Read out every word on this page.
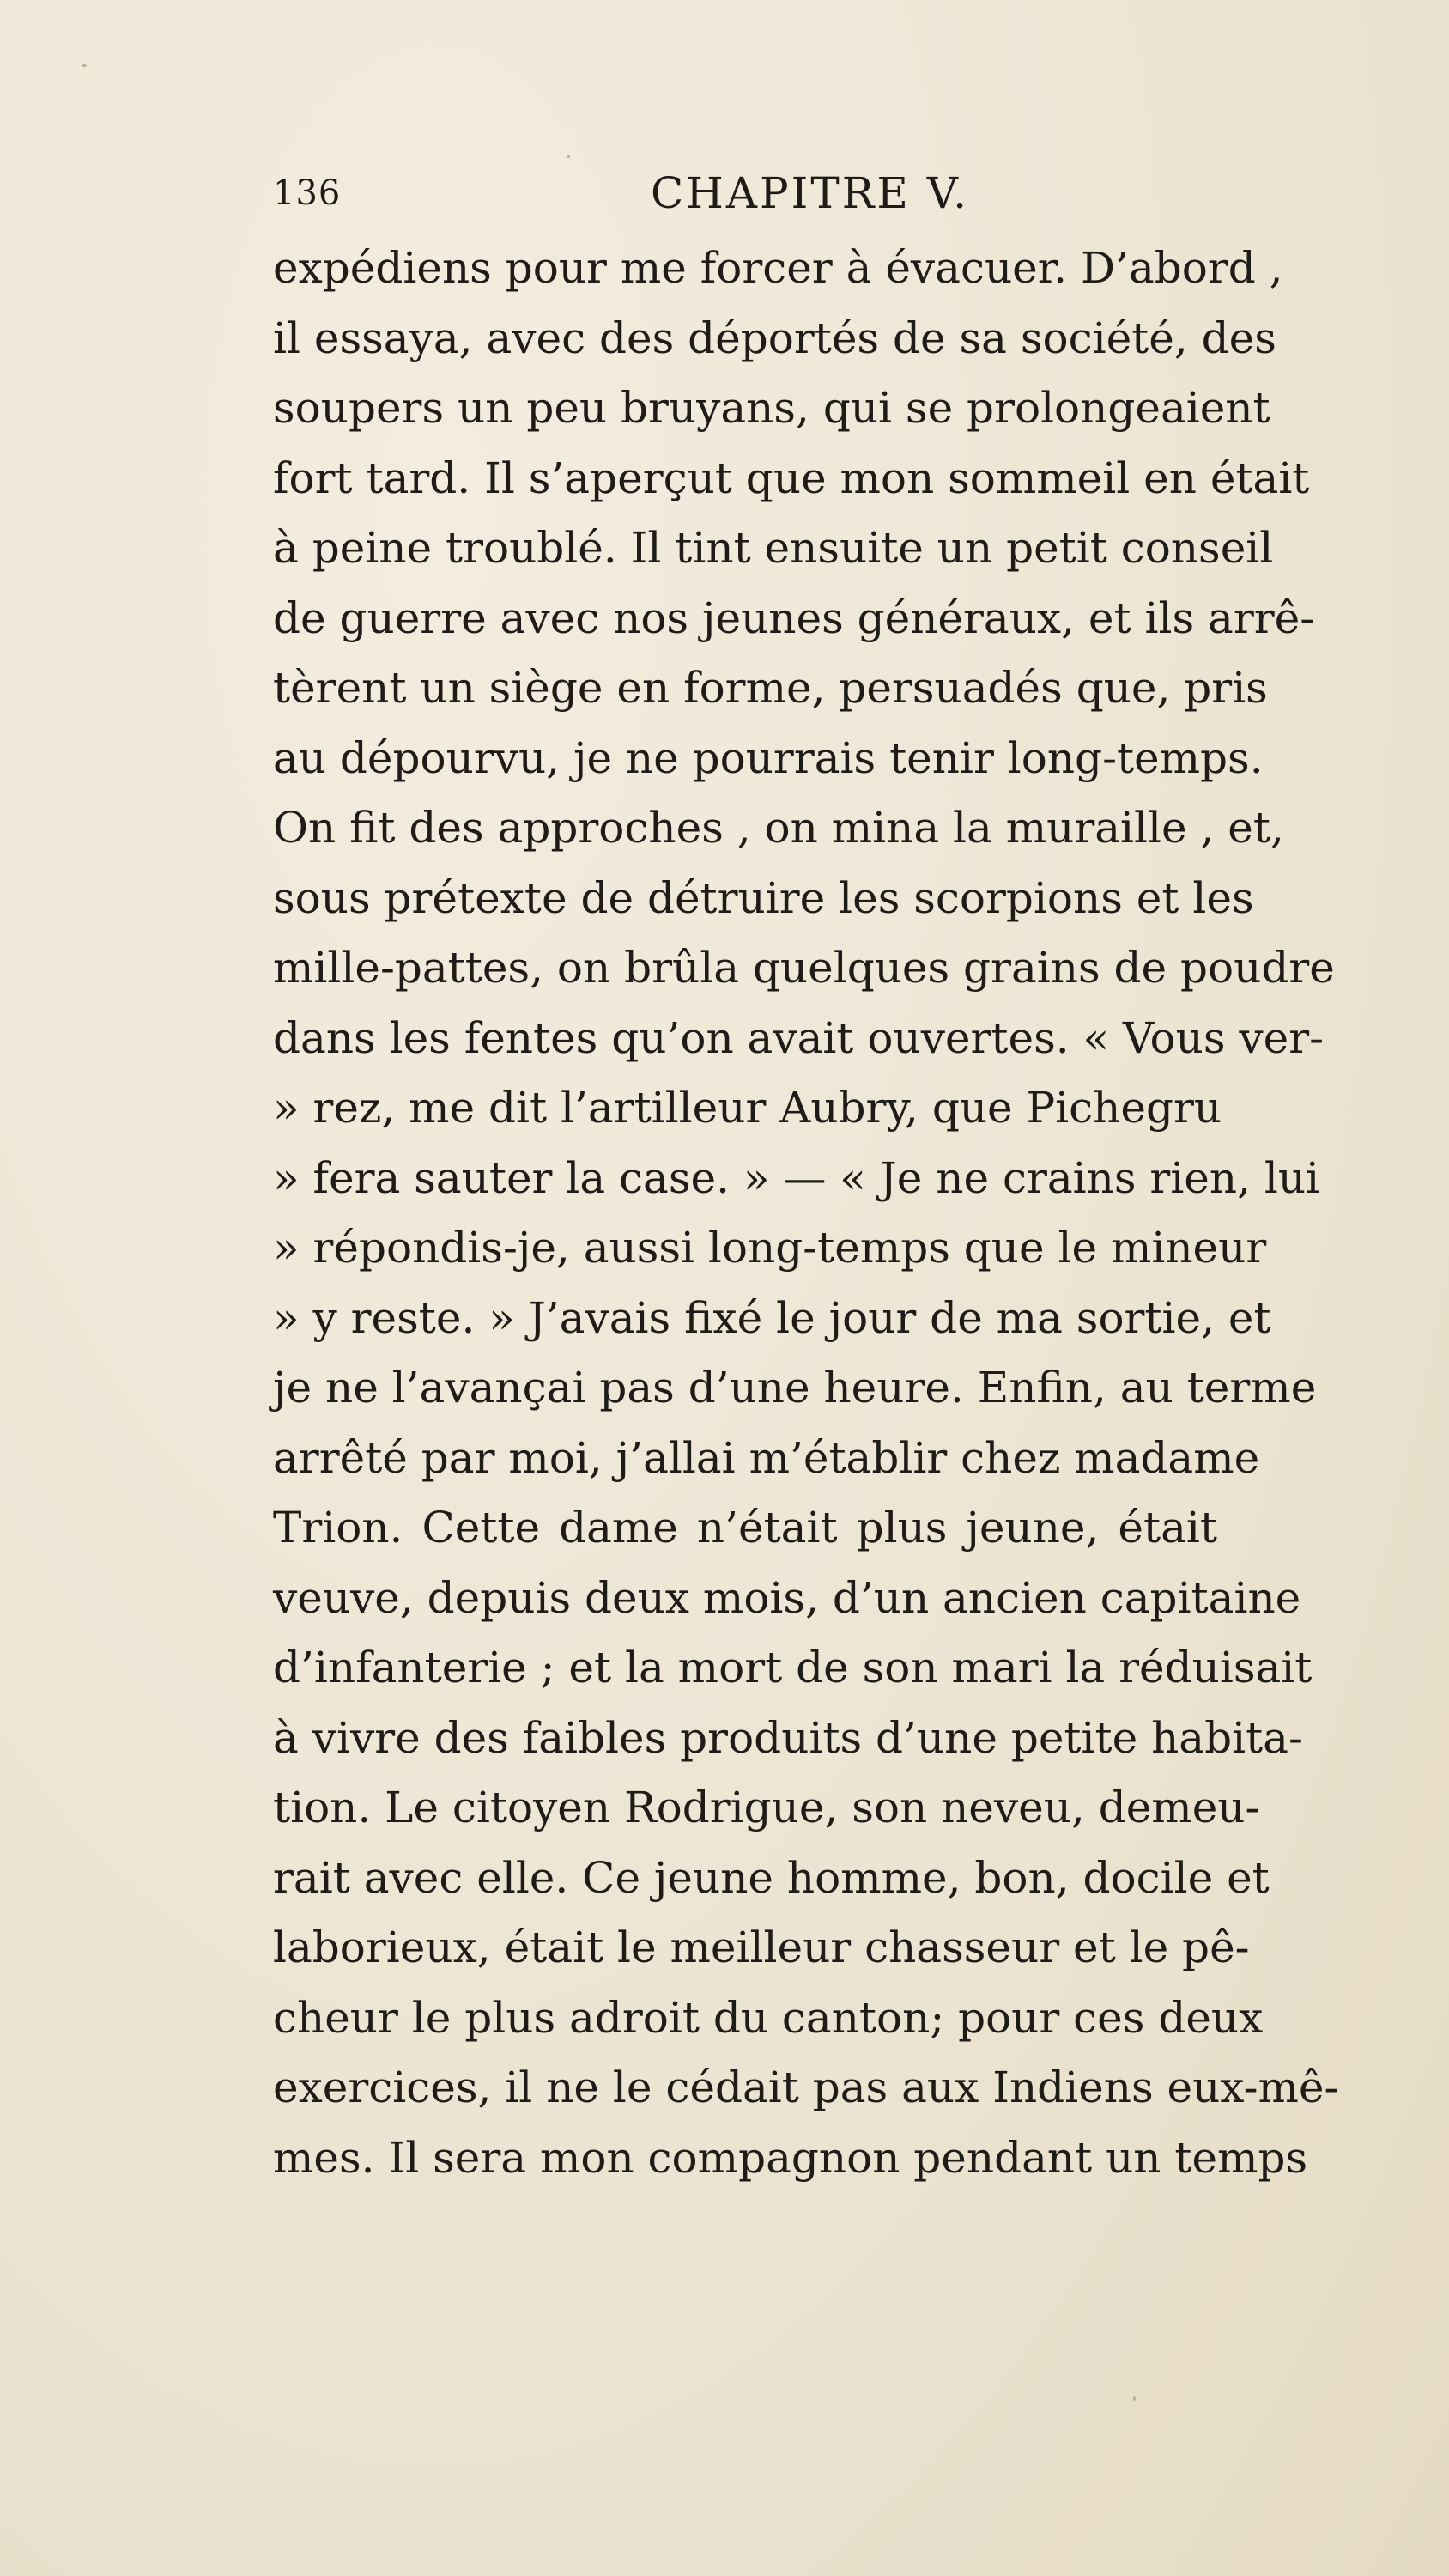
136	CHAPITRE V.
expédiens pour me forcer à évacuer. D’abord ,
il essaya, avec des déportés de sa société, des
soupers un peu bruyans, qui se prolongeaient
fort tard. Il s’aperçut que mon sommeil en était
à peine troublé. Il tint ensuite un petit conseil
de guerre avec nos jeunes généraux, et ils arrê-
tèrent un siège en forme, persuadés que, pris
au dépourvu, je ne pourrais tenir long-temps.
On fit des approches , on mina la muraille , et,
sous prétexte de détruire les scorpions et les
mille-pattes, on brûla quelques grains de poudre
dans les fentes qu’on avait ouvertes. « Vous ver-
» rez, me dit l’artilleur Aubry, que Pichegru
» fera sauter la case. » — « Je ne crains rien, lui
» répondis-je, aussi long-temps que le mineur
» y reste. » J’avais fixé le jour de ma sortie, et
je ne l’avançai pas d’une heure. Enfin, au terme
arrêté par moi, j’allai m’établir chez madame
Trion. Cette dame n’était plus jeune, était
veuve, depuis deux mois, d’un ancien capitaine
d’infanterie ; et la mort de son mari la réduisait
à vivre des faibles produits d’une petite habita-
tion. Le citoyen Rodrigue, son neveu, demeu-
rait avec elle. Ce jeune homme, bon, docile et
laborieux, était le meilleur chasseur et le pê-
cheur le plus adroit du canton; pour ces deux
exercices, il ne le cédait pas aux Indiens eux-mê-
mes. Il sera mon compagnon pendant un temps
